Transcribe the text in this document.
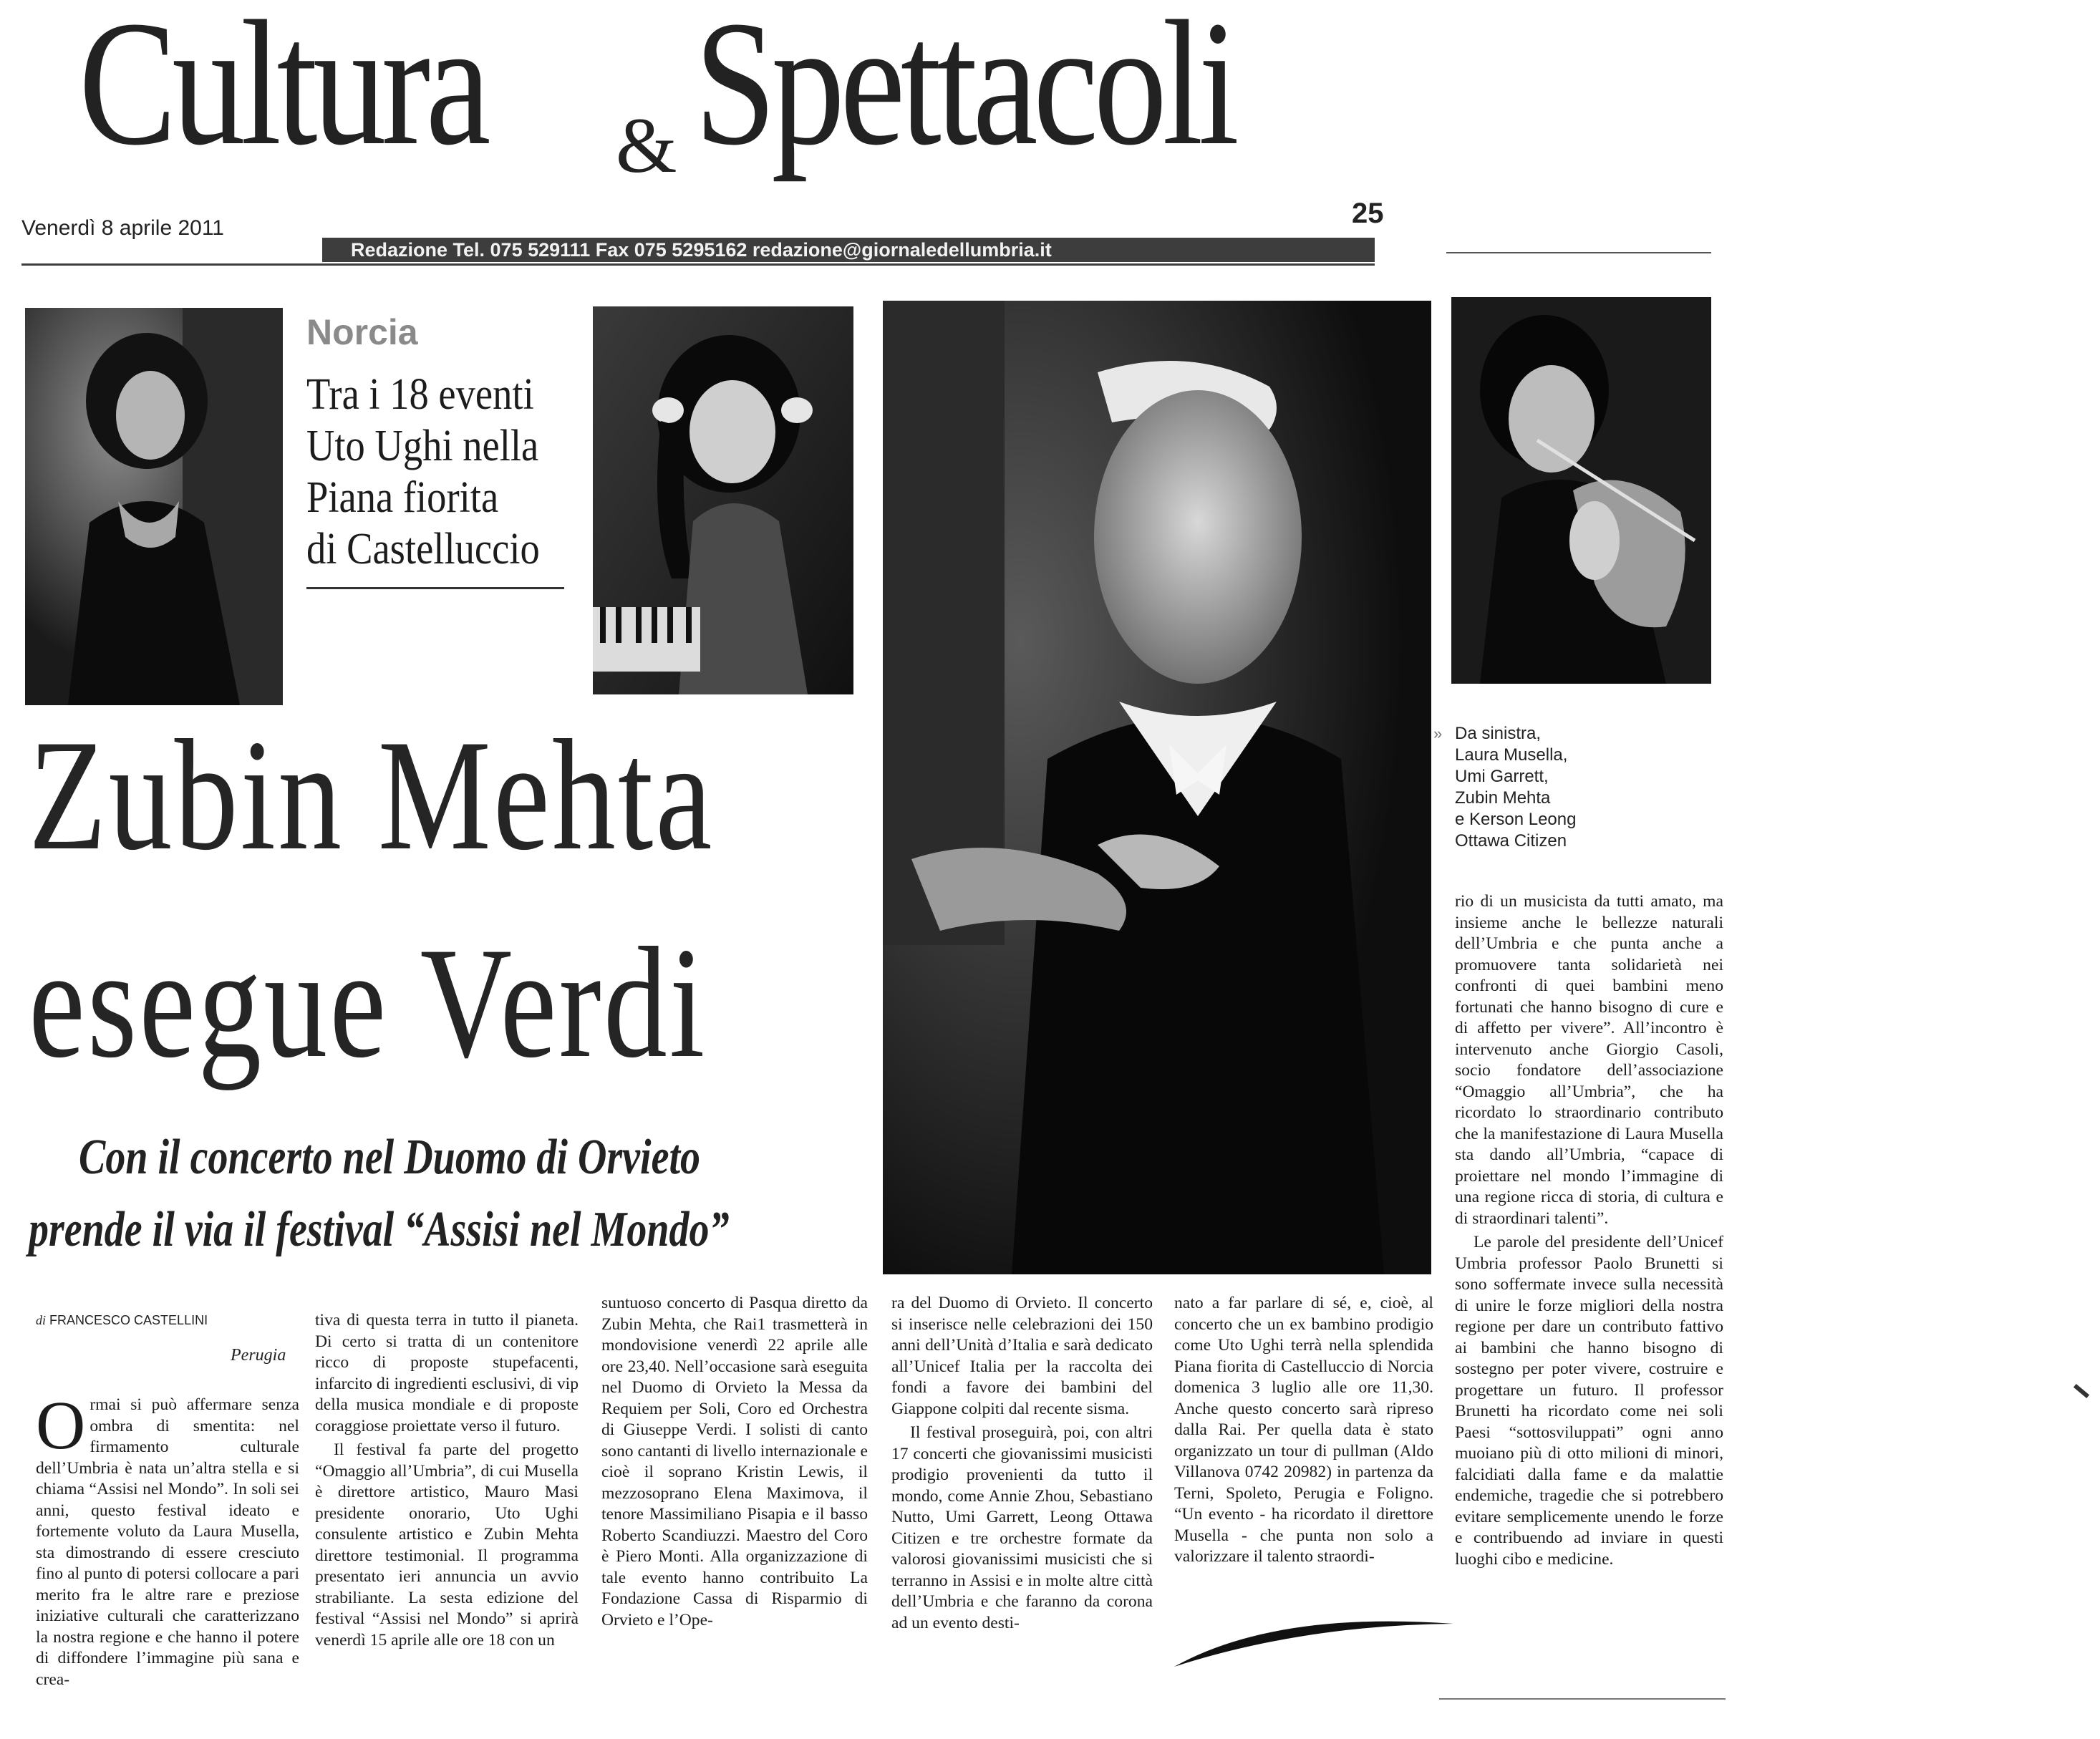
Cultura & Spettacoli
Venerdì 8 aprile 2011	25
Redazione Tel. 075 529111 Fax 075 5295162 redazione@giornaledellumbria.it
Norcia
Tra i 18 eventi
Uto Ughi nella
Piana fiorita
di Castelluccio
Zubin Mehta
esegue Verdi
Con il concerto nel Duomo di Orvieto
prende il via il festival “Assisi nel Mondo”
» Da sinistra,
Laura Musella,
Umi Garrett,
Zubin Mehta
e Kerson Leong
Ottawa Citizen
di FRANCESCO CASTELLINI
Perugia

Ormai si può affermare senza ombra di smentita: nel firmamento culturale dell’Umbria è nata un’altra stella e si chiama “Assisi nel Mondo”. In soli sei anni, questo festival ideato e fortemente voluto da Laura Musella, sta dimostrando di essere cresciuto fino al punto di potersi collocare a pari merito fra le altre rare e preziose iniziative culturali che caratterizzano la nostra regione e che hanno il potere di diffondere l’immagine più sana e crea-

tiva di questa terra in tutto il pianeta. Di certo si tratta di un contenitore ricco di proposte stupefacenti, infarcito di ingredienti esclusivi, di vip della musica mondiale e di proposte coraggiose proiettate verso il futuro.

Il festival fa parte del progetto “Omaggio all’Umbria”, di cui Musella è direttore artistico, Mauro Masi presidente onorario, Uto Ughi consulente artistico e Zubin Mehta direttore testimonial. Il programma presentato ieri annuncia un avvio strabiliante. La sesta edizione del festival “Assisi nel Mondo” si aprirà venerdì 15 aprile alle ore 18 con un

suntuoso concerto di Pasqua diretto da Zubin Mehta, che Rai1 trasmetterà in mondovisione venerdì 22 aprile alle ore 23,40. Nell’occasione sarà eseguita nel Duomo di Orvieto la Messa da Requiem per Soli, Coro ed Orchestra di Giuseppe Verdi. I solisti di canto sono cantanti di livello internazionale e cioè il soprano Kristin Lewis, il mezzosoprano Elena Maximova, il tenore Massimiliano Pisapia e il basso Roberto Scandiuzzi. Maestro del Coro è Piero Monti. Alla organizzazione di tale evento hanno contribuito La Fondazione Cassa di Risparmio di Orvieto e l’Ope-

ra del Duomo di Orvieto. Il concerto si inserisce nelle celebrazioni dei 150 anni dell’Unità d’Italia e sarà dedicato all’Unicef Italia per la raccolta dei fondi a favore dei bambini del Giappone colpiti dal recente sisma.

Il festival proseguirà, poi, con altri 17 concerti che giovanissimi musicisti prodigio provenienti da tutto il mondo, come Annie Zhou, Sebastiano Nutto, Umi Garrett, Leong Ottawa Citizen e tre orchestre formate da valorosi giovanissimi musicisti che si terranno in Assisi e in molte altre città dell’Umbria e che faranno da corona ad un evento desti-

nato a far parlare di sé, e, cioè, al concerto che un ex bambino prodigio come Uto Ughi terrà nella splendida Piana fiorita di Castelluccio di Norcia domenica 3 luglio alle ore 11,30. Anche questo concerto sarà ripreso dalla Rai. Per quella data è stato organizzato un tour di pullman (Aldo Villanova 0742 20982) in partenza da Terni, Spoleto, Perugia e Foligno. “Un evento - ha ricordato il direttore Musella - che punta non solo a valorizzare il talento straordi-

rio di un musicista da tutti amato, ma insieme anche le bellezze naturali dell’Umbria e che punta anche a promuovere tanta solidarietà nei confronti di quei bambini meno fortunati che hanno bisogno di cure e di affetto per vivere”. All’incontro è intervenuto anche Giorgio Casoli, socio fondatore dell’associazione “Omaggio all’Umbria”, che ha ricordato lo straordinario contributo che la manifestazione di Laura Musella sta dando all’Umbria, “capace di proiettare nel mondo l’immagine di una regione ricca di storia, di cultura e di straordinari talenti”.

Le parole del presidente dell’Unicef Umbria professor Paolo Brunetti si sono soffermate invece sulla necessità di unire le forze migliori della nostra regione per dare un contributo fattivo ai bambini che hanno bisogno di sostegno per poter vivere, costruire e progettare un futuro. Il professor Brunetti ha ricordato come nei soli Paesi “sottosviluppati” ogni anno muoiano più di otto milioni di minori, falcidiati dalla fame e da malattie endemiche, tragedie che si potrebbero evitare semplicemente unendo le forze e contribuendo ad inviare in questi luoghi cibo e medicine.
